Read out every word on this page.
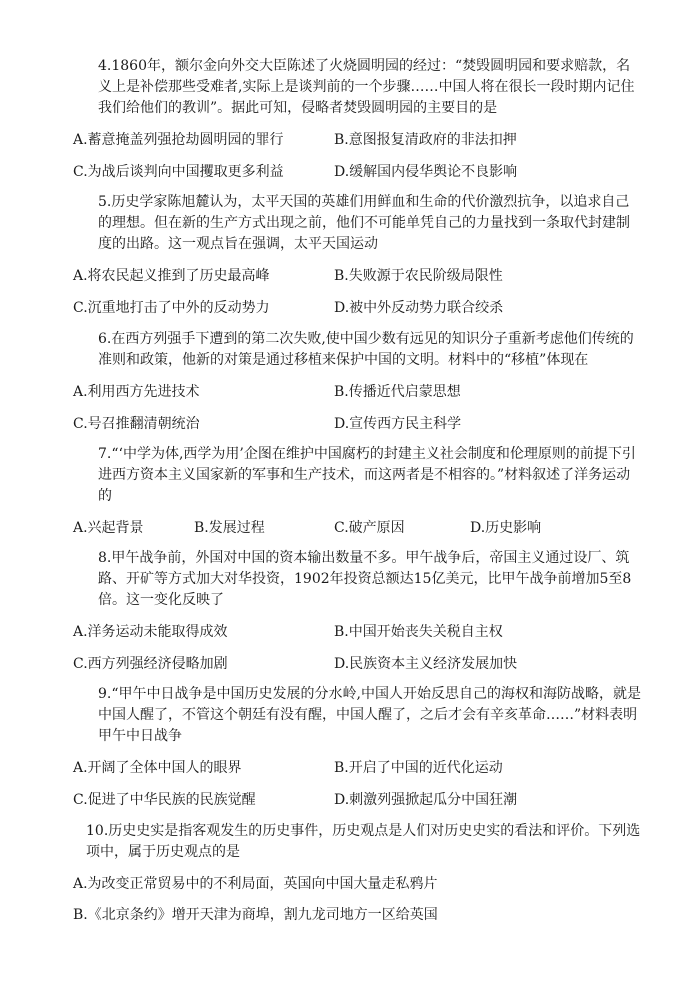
4.1860年，额尔金向外交大臣陈述了火烧圆明园的经过：“焚毁圆明园和要求赔款，名义上是补偿那些受难者,实际上是谈判前的一个步骤……中国人将在很长一段时期内记住我们给他们的教训”。据此可知，侵略者焚毁圆明园的主要目的是
A.蓄意掩盖列强抢劫圆明园的罪行	B.意图报复清政府的非法扣押
C.为战后谈判向中国攫取更多利益	D.缓解国内侵华舆论不良影响
5.历史学家陈旭麓认为，太平天国的英雄们用鲜血和生命的代价激烈抗争，以追求自己的理想。但在新的生产方式出现之前，他们不可能单凭自己的力量找到一条取代封建制度的出路。这一观点旨在强调，太平天国运动
A.将农民起义推到了历史最高峰	B.失败源于农民阶级局限性
C.沉重地打击了中外的反动势力	D.被中外反动势力联合绞杀
6.在西方列强手下遭到的第二次失败,使中国少数有远见的知识分子重新考虑他们传统的准则和政策，他新的对策是通过移植来保护中国的文明。材料中的“移植”体现在
A.利用西方先进技术	B.传播近代启蒙思想
C.号召推翻清朝统治	D.宣传西方民主科学
7.“‘中学为体,西学为用’企图在维护中国腐朽的封建主义社会制度和伦理原则的前提下引进西方资本主义国家新的军事和生产技术，而这两者是不相容的。”材料叙述了洋务运动的
A.兴起背景	B.发展过程	C.破产原因	D.历史影响
8.甲午战争前，外国对中国的资本输出数量不多。甲午战争后，帝国主义通过设厂、筑路、开矿等方式加大对华投资，1902年投资总额达15亿美元，比甲午战争前增加5至8倍。这一变化反映了
A.洋务运动未能取得成效	B.中国开始丧失关税自主权
C.西方列强经济侵略加剧	D.民族资本主义经济发展加快
9.“甲午中日战争是中国历史发展的分水岭,中国人开始反思自己的海权和海防战略，就是中国人醒了，不管这个朝廷有没有醒，中国人醒了，之后才会有辛亥革命……”材料表明甲午中日战争
A.开阔了全体中国人的眼界	B.开启了中国的近代化运动
C.促进了中华民族的民族觉醒	D.刺激列强掀起瓜分中国狂潮
10.历史史实是指客观发生的历史事件，历史观点是人们对历史史实的看法和评价。下列选项中，属于历史观点的是
A.为改变正常贸易中的不利局面，英国向中国大量走私鸦片
B.《北京条约》增开天津为商埠，割九龙司地方一区给英国
